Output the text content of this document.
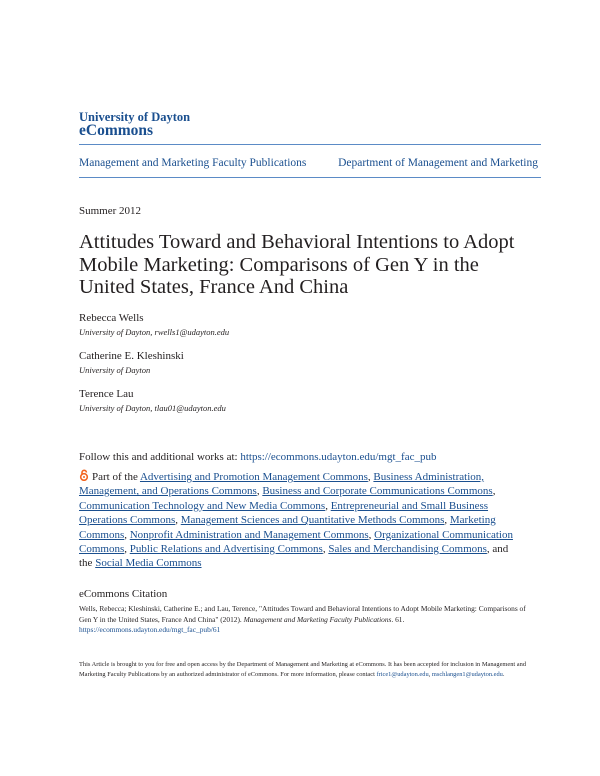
University of Dayton
eCommons
Management and Marketing Faculty Publications	Department of Management and Marketing
Summer 2012
Attitudes Toward and Behavioral Intentions to Adopt Mobile Marketing: Comparisons of Gen Y in the United States, France And China
Rebecca Wells
University of Dayton, rwells1@udayton.edu
Catherine E. Kleshinski
University of Dayton
Terence Lau
University of Dayton, tlau01@udayton.edu
Follow this and additional works at: https://ecommons.udayton.edu/mgt_fac_pub
Part of the Advertising and Promotion Management Commons, Business Administration, Management, and Operations Commons, Business and Corporate Communications Commons, Communication Technology and New Media Commons, Entrepreneurial and Small Business Operations Commons, Management Sciences and Quantitative Methods Commons, Marketing Commons, Nonprofit Administration and Management Commons, Organizational Communication Commons, Public Relations and Advertising Commons, Sales and Merchandising Commons, and the Social Media Commons
eCommons Citation
Wells, Rebecca; Kleshinski, Catherine E.; and Lau, Terence, "Attitudes Toward and Behavioral Intentions to Adopt Mobile Marketing: Comparisons of Gen Y in the United States, France And China" (2012). Management and Marketing Faculty Publications. 61.
https://ecommons.udayton.edu/mgt_fac_pub/61
This Article is brought to you for free and open access by the Department of Management and Marketing at eCommons. It has been accepted for inclusion in Management and Marketing Faculty Publications by an authorized administrator of eCommons. For more information, please contact frice1@udayton.edu, mschlangen1@udayton.edu.
